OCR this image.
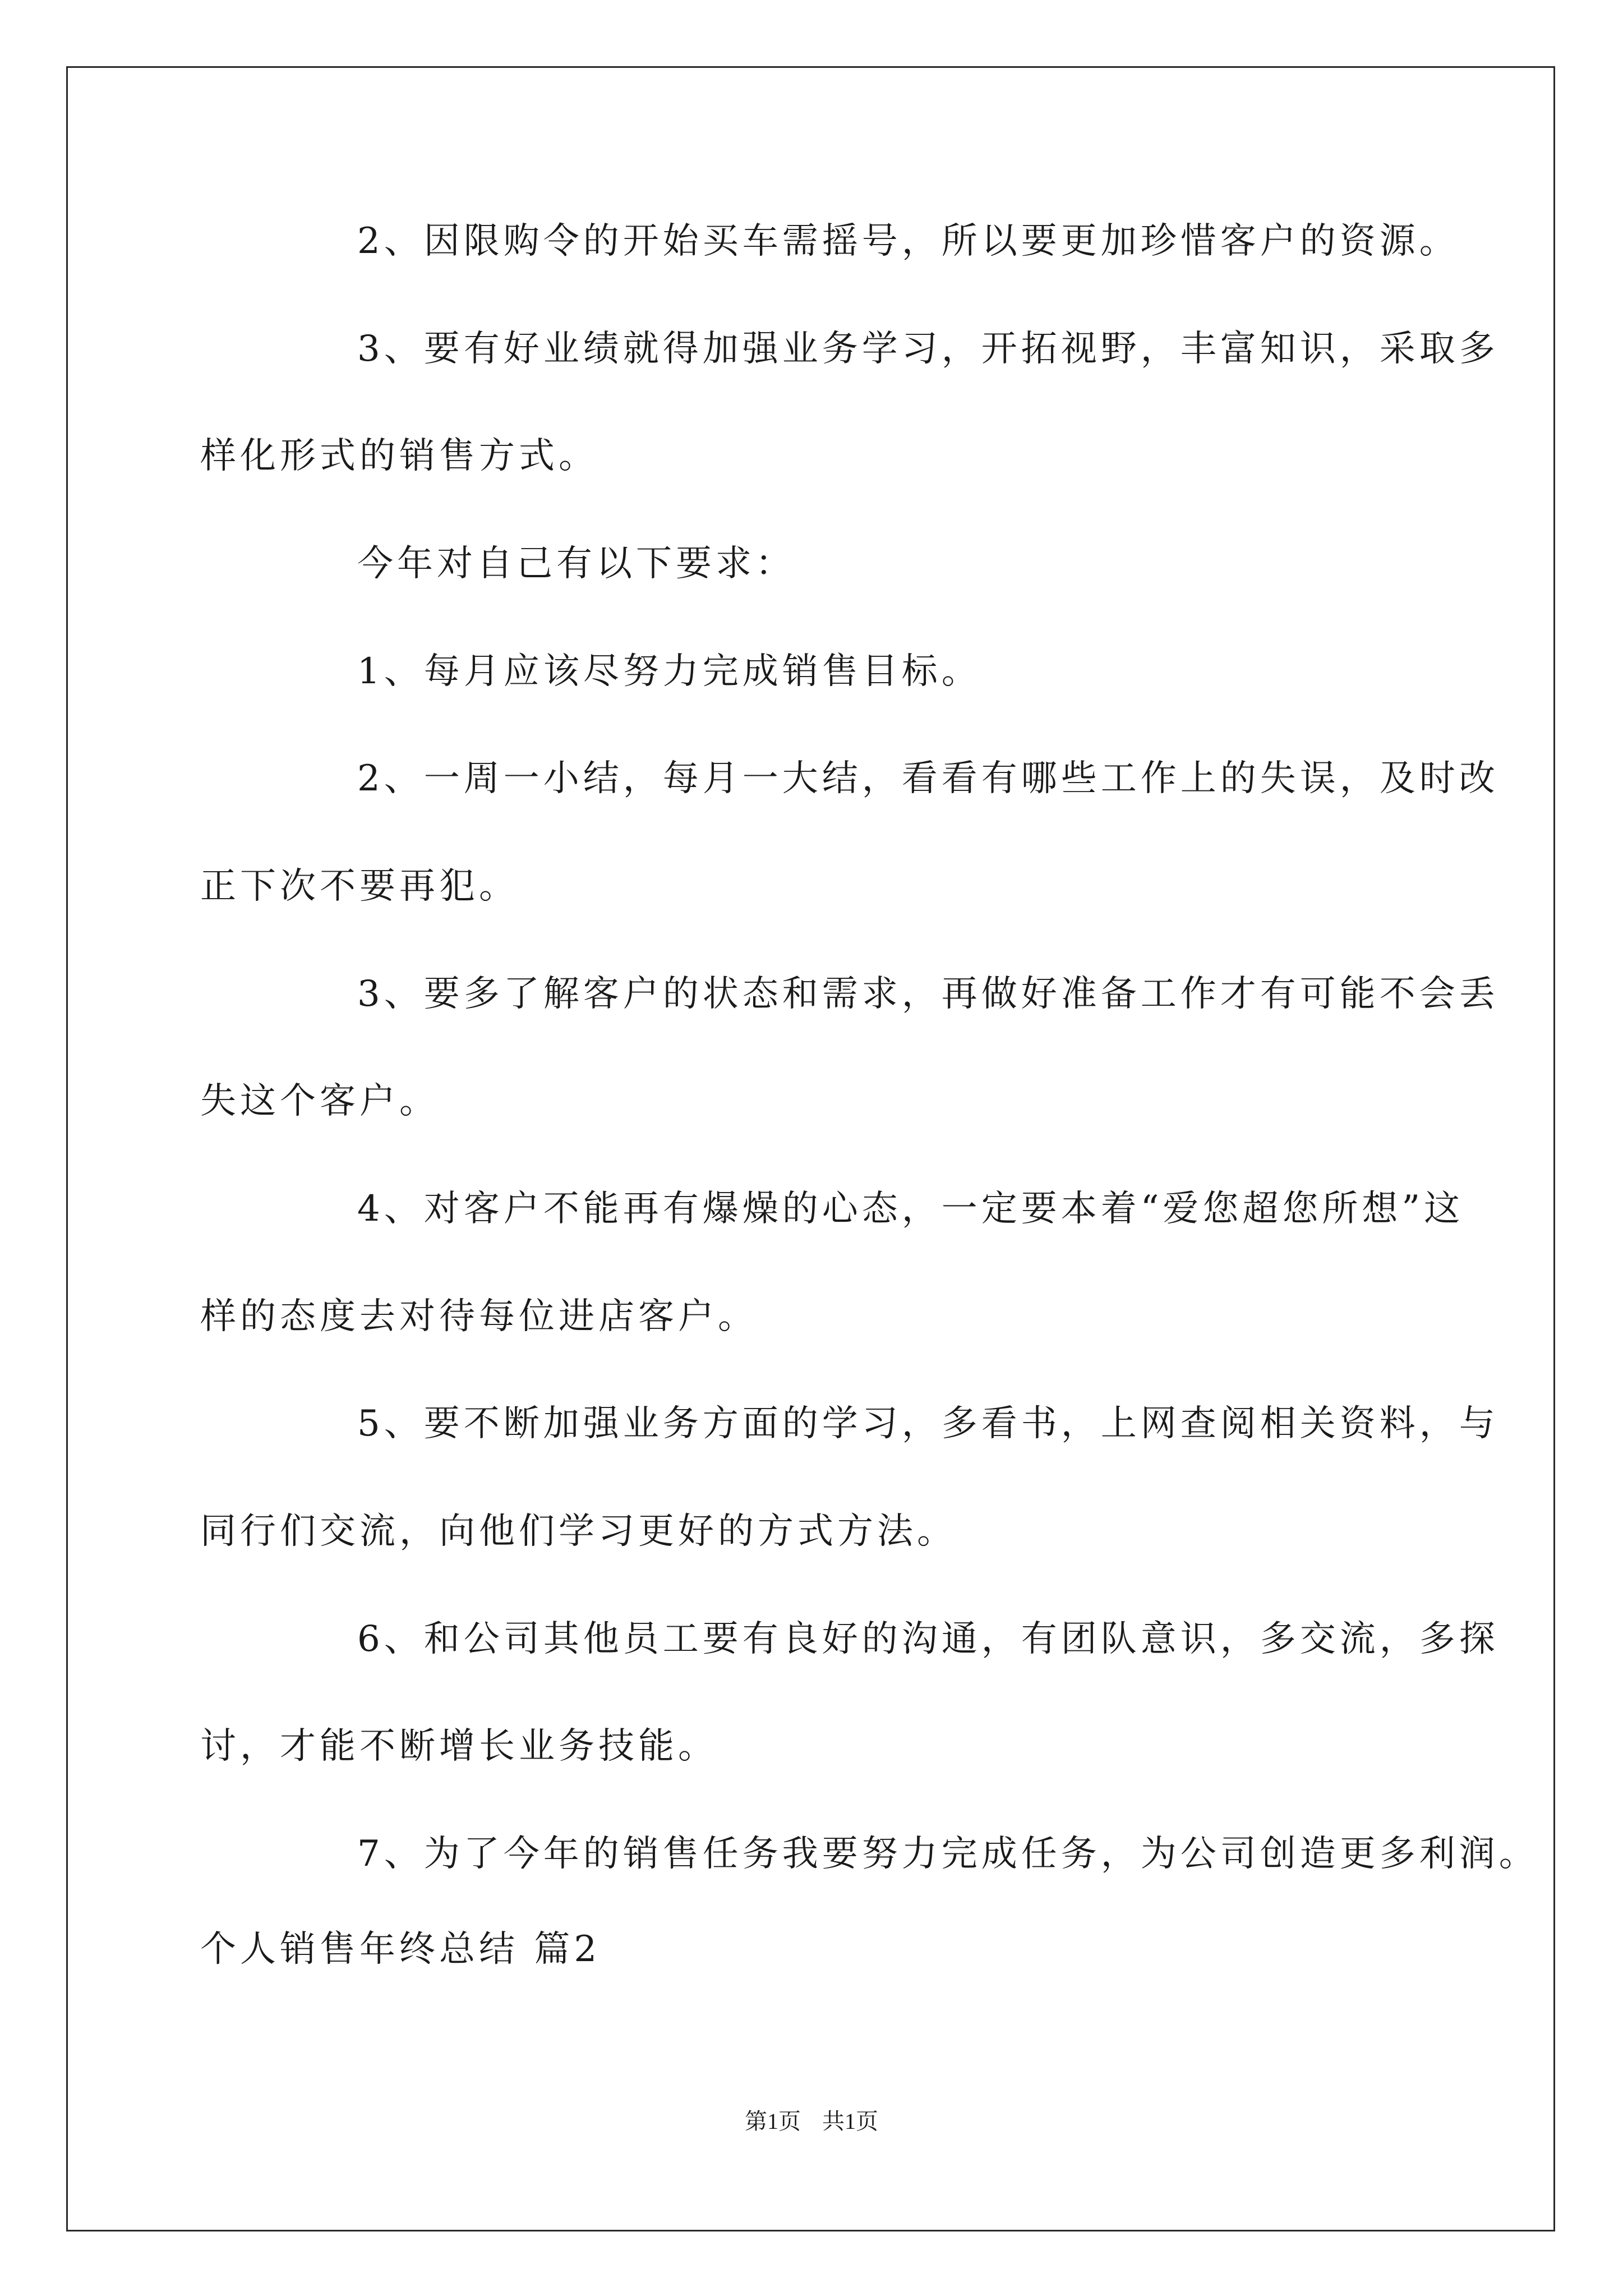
2、因限购令的开始买车需摇号，所以要更加珍惜客户的资源。
3、要有好业绩就得加强业务学习，开拓视野，丰富知识，采取多
样化形式的销售方式。
今年对自己有以下要求：
1、每月应该尽努力完成销售目标。
2、一周一小结，每月一大结，看看有哪些工作上的失误，及时改
正下次不要再犯。
3、要多了解客户的状态和需求，再做好准备工作才有可能不会丢
失这个客户。
4、对客户不能再有爆燥的心态，一定要本着“爱您超您所想”这
样的态度去对待每位进店客户。
5、要不断加强业务方面的学习，多看书，上网查阅相关资料，与
同行们交流，向他们学习更好的方式方法。
6、和公司其他员工要有良好的沟通，有团队意识，多交流，多探
讨，才能不断增长业务技能。
7、为了今年的销售任务我要努力完成任务，为公司创造更多利润。
个人销售年终总结 篇2
第1页 共1页
